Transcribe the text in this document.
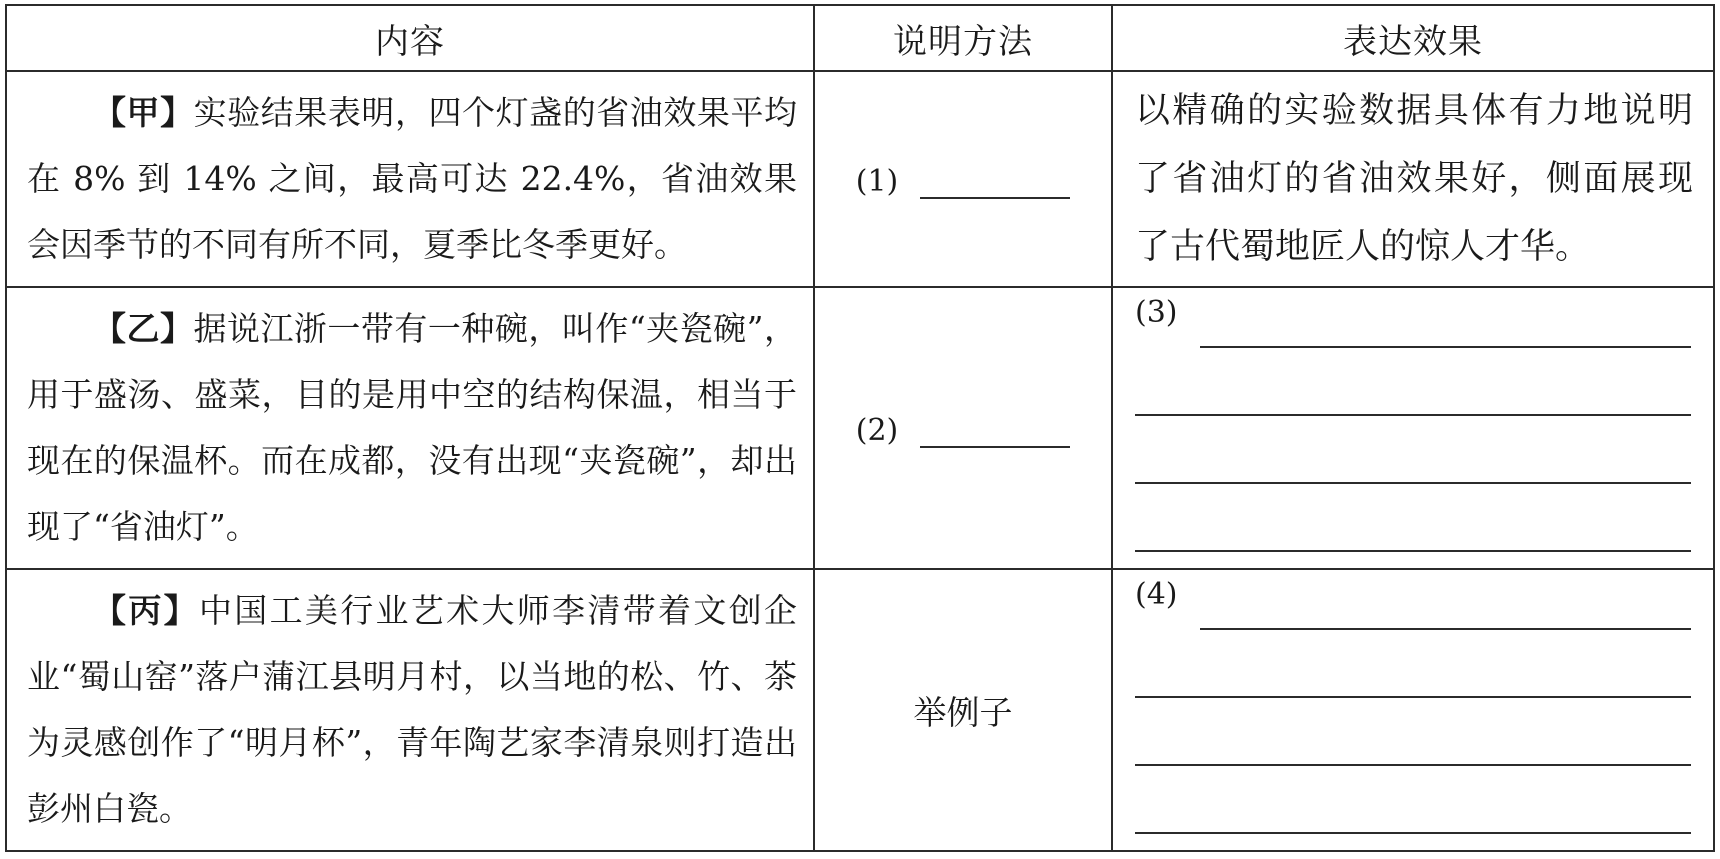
内容	说明方法	表达效果

【甲】实验结果表明，四个灯盏的省油效果平均在 8% 到 14% 之间，最高可达 22.4%，省油效果会因季节的不同有所不同，夏季比冬季更好。	(1)	以精确的实验数据具体有力地说明了省油灯的省油效果好，侧面展现了古代蜀地匠人的惊人才华。

【乙】据说江浙一带有一种碗，叫作“夹瓷碗”，用于盛汤、盛菜，目的是用中空的结构保温，相当于现在的保温杯。而在成都，没有出现“夹瓷碗”，却出现了“省油灯”。	(2)	(3)

【丙】中国工美行业艺术大师李清带着文创企业“蜀山窑”落户蒲江县明月村，以当地的松、竹、茶为灵感创作了“明月杯”，青年陶艺家李清泉则打造出彭州白瓷。	举例子	(4)
